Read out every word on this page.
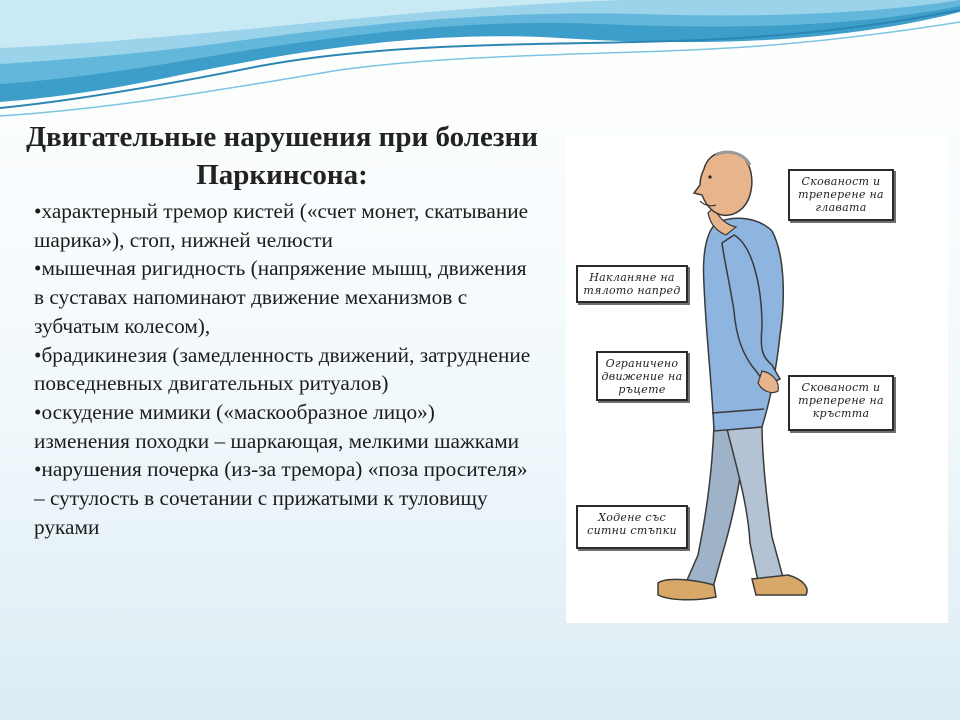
Двигательные нарушения при болезни Паркинсона:

•характерный тремор кистей («счет монет, скатывание шарика»), стоп, нижней челюсти

•мышечная ригидность (напряжение мышц, движения в суставах напоминают движение механизмов с зубчатым колесом),

•брадикинезия (замедленность движений, затруднение повседневных двигательных ритуалов)

•оскудение мимики («маскообразное лицо») изменения походки – шаркающая, мелкими шажками

•нарушения почерка (из-за тремора) «поза просителя» – сутулость в сочетании с прижатыми к туловищу руками

Скованост и треперене на главата
Накланяне на тялото напред
Ограничено движение на ръцете	Скованост и треперене на кръстта
Ходене със ситни стъпки
